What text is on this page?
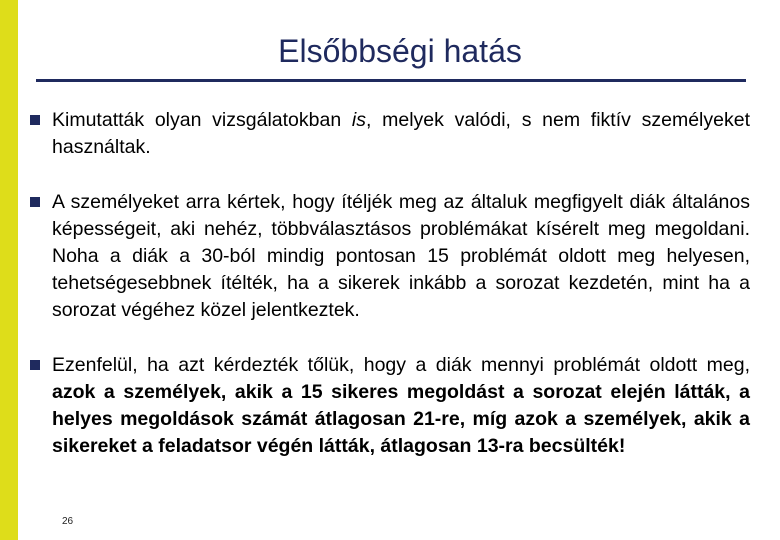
Elsőbbségi hatás
Kimutatták olyan vizsgálatokban is, melyek valódi, s nem fiktív személyeket használtak.
A személyeket arra kértek, hogy ítéljék meg az általuk megfigyelt diák általános képességeit, aki nehéz, többválasztásos problémákat kísérelt meg megoldani. Noha a diák a 30-ból mindig pontosan 15 problémát oldott meg helyesen, tehetségesebbnek ítélték, ha a sikerek inkább a sorozat kezdetén, mint ha a sorozat végéhez közel jelentkeztek.
Ezenfelül, ha azt kérdezték tőlük, hogy a diák mennyi problémát oldott meg, azok a személyek, akik a 15 sikeres megoldást a sorozat elején látták, a helyes megoldások számát átlagosan 21-re, míg azok a személyek, akik a sikereket a feladatsor végén látták, átlagosan 13-ra becsülték!
26
